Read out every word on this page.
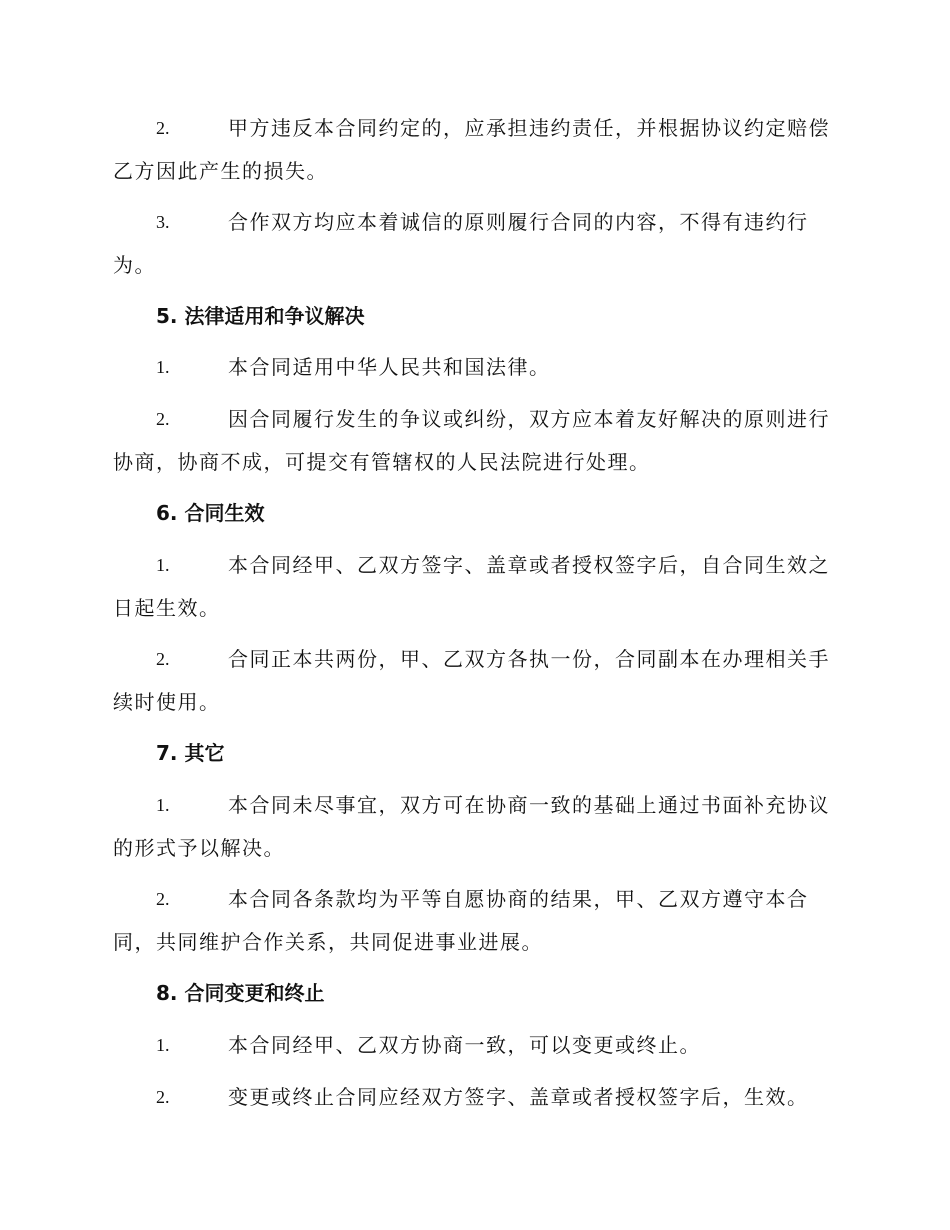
2.	甲方违反本合同约定的，应承担违约责任，并根据协议约定赔偿
乙方因此产生的损失。
3.	合作双方均应本着诚信的原则履行合同的内容，不得有违约行
为。
5. 法律适用和争议解决
1.	本合同适用中华人民共和国法律。
2.	因合同履行发生的争议或纠纷，双方应本着友好解决的原则进行
协商，协商不成，可提交有管辖权的人民法院进行处理。
6. 合同生效
1.	本合同经甲、乙双方签字、盖章或者授权签字后，自合同生效之
日起生效。
2.	合同正本共两份，甲、乙双方各执一份，合同副本在办理相关手
续时使用。
7. 其它
1.	本合同未尽事宜，双方可在协商一致的基础上通过书面补充协议
的形式予以解决。
2.	本合同各条款均为平等自愿协商的结果，甲、乙双方遵守本合
同，共同维护合作关系，共同促进事业进展。
8. 合同变更和终止
1.	本合同经甲、乙双方协商一致，可以变更或终止。
2.	变更或终止合同应经双方签字、盖章或者授权签字后，生效。
